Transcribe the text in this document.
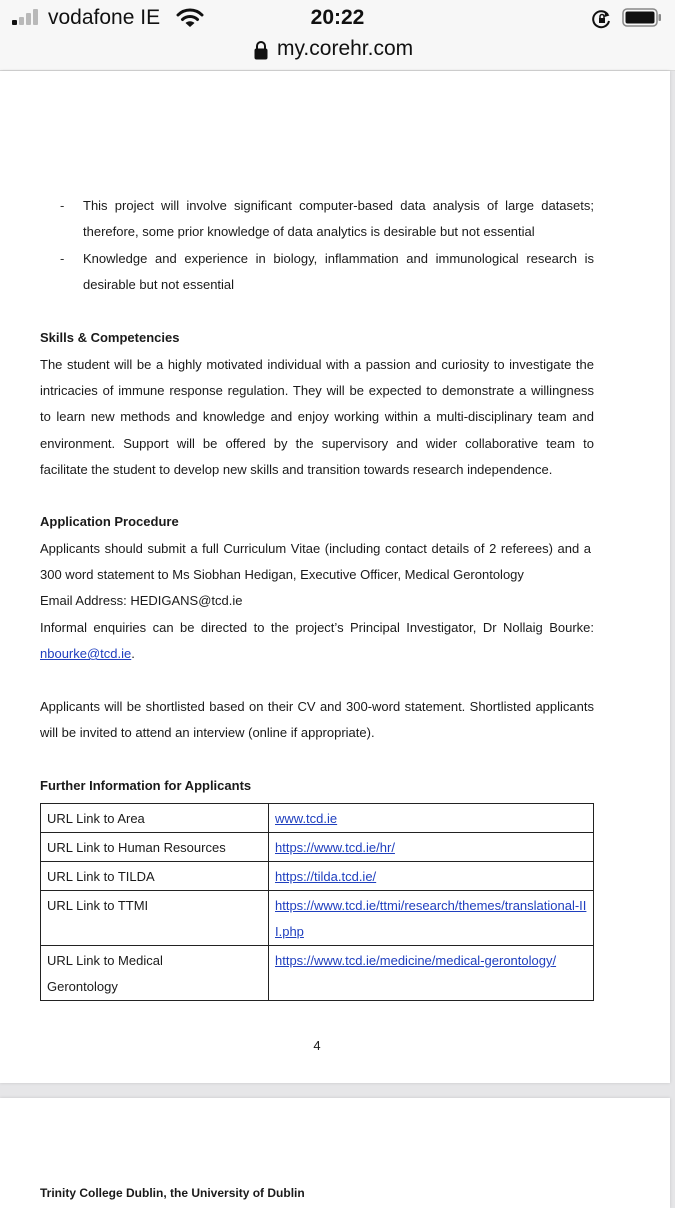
vodafone IE	20:22
my.corehr.com
- This project will involve significant computer-based data analysis of large datasets;
therefore, some prior knowledge of data analytics is desirable but not essential
- Knowledge and experience in biology, inflammation and immunological research is
desirable but not essential
Skills & Competencies
The student will be a highly motivated individual with a passion and curiosity to investigate the
intricacies of immune response regulation. They will be expected to demonstrate a willingness
to learn new methods and knowledge and enjoy working within a multi-disciplinary team and
environment. Support will be offered by the supervisory and wider collaborative team to
facilitate the student to develop new skills and transition towards research independence.
Application Procedure
Applicants should submit a full Curriculum Vitae (including contact details of 2 referees) and a
300 word statement to Ms Siobhan Hedigan, Executive Officer, Medical Gerontology
Email Address: HEDIGANS@tcd.ie
Informal enquiries can be directed to the project’s Principal Investigator, Dr Nollaig Bourke:
nbourke@tcd.ie.
Applicants will be shortlisted based on their CV and 300-word statement. Shortlisted applicants
will be invited to attend an interview (online if appropriate).
Further Information for Applicants
URL Link to Area	www.tcd.ie
URL Link to Human Resources	https://www.tcd.ie/hr/
URL Link to TILDA	https://tilda.tcd.ie/
URL Link to TTMI	https://www.tcd.ie/ttmi/research/themes/translational-III.php
URL Link to Medical Gerontology	https://www.tcd.ie/medicine/medical-gerontology/
4
Trinity College Dublin, the University of Dublin
